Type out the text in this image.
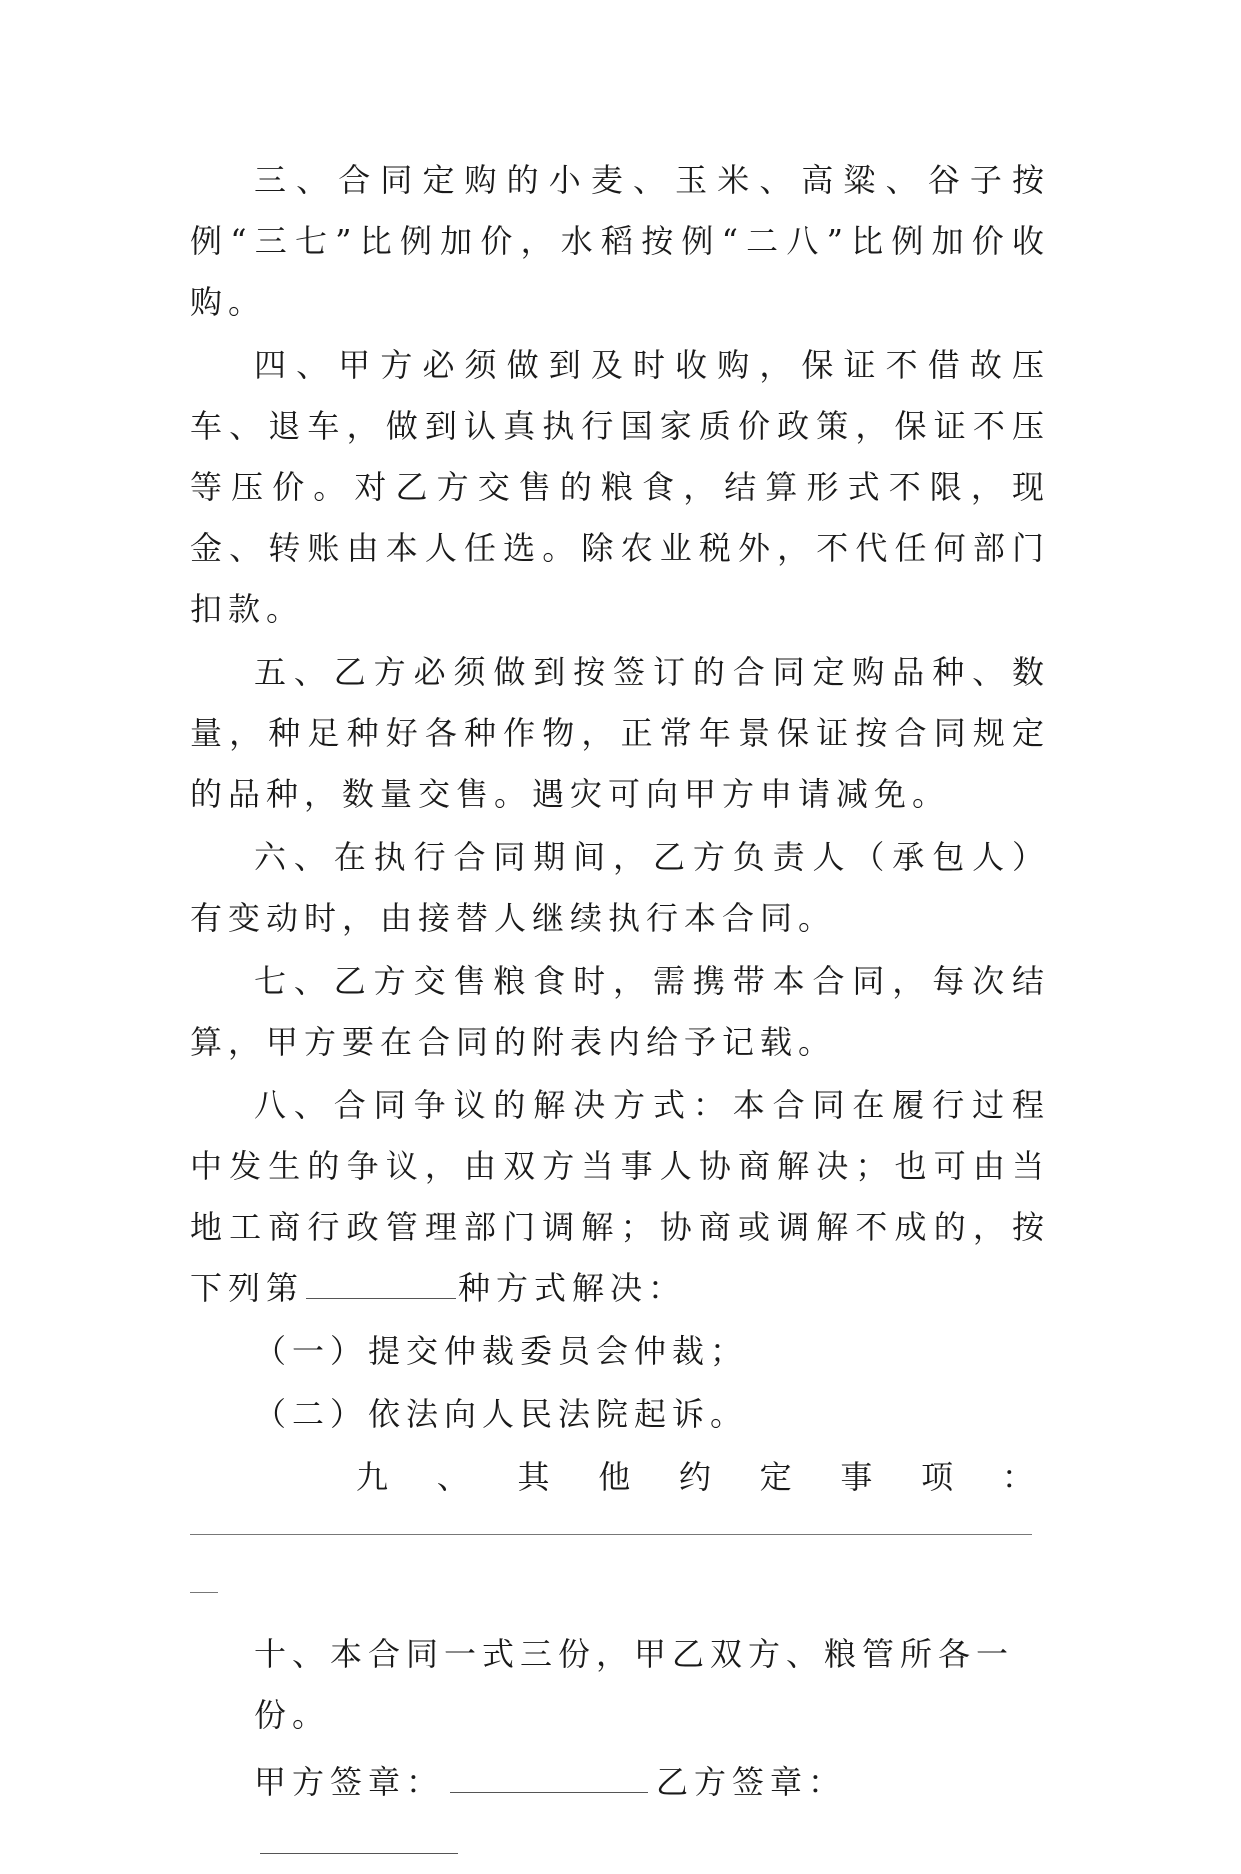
三、合同定购的小麦、玉米、高粱、谷子按例“三七”比例加价，水稻按例“二八”比例加价收购。

四、甲方必须做到及时收购，保证不借故压车、退车，做到认真执行国家质价政策，保证不压等压价。对乙方交售的粮食，结算形式不限，现金、转账由本人任选。除农业税外，不代任何部门扣款。

五、乙方必须做到按签订的合同定购品种、数量，种足种好各种作物，正常年景保证按合同规定的品种，数量交售。遇灾可向甲方申请减免。

六、在执行合同期间，乙方负责人（承包人）有变动时，由接替人继续执行本合同。

七、乙方交售粮食时，需携带本合同，每次结算，甲方要在合同的附表内给予记载。

八、合同争议的解决方式：本合同在履行过程中发生的争议，由双方当事人协商解决；也可由当地工商行政管理部门调解；协商或调解不成的，按下列第	种方式解决：

（一）提交仲裁委员会仲裁；

（二）依法向人民法院起诉。

九 、 其 他 约 定 事 项 ：

十、本合同一式三份，甲乙双方、粮管所各一份。

甲方签章：	乙方签章：
